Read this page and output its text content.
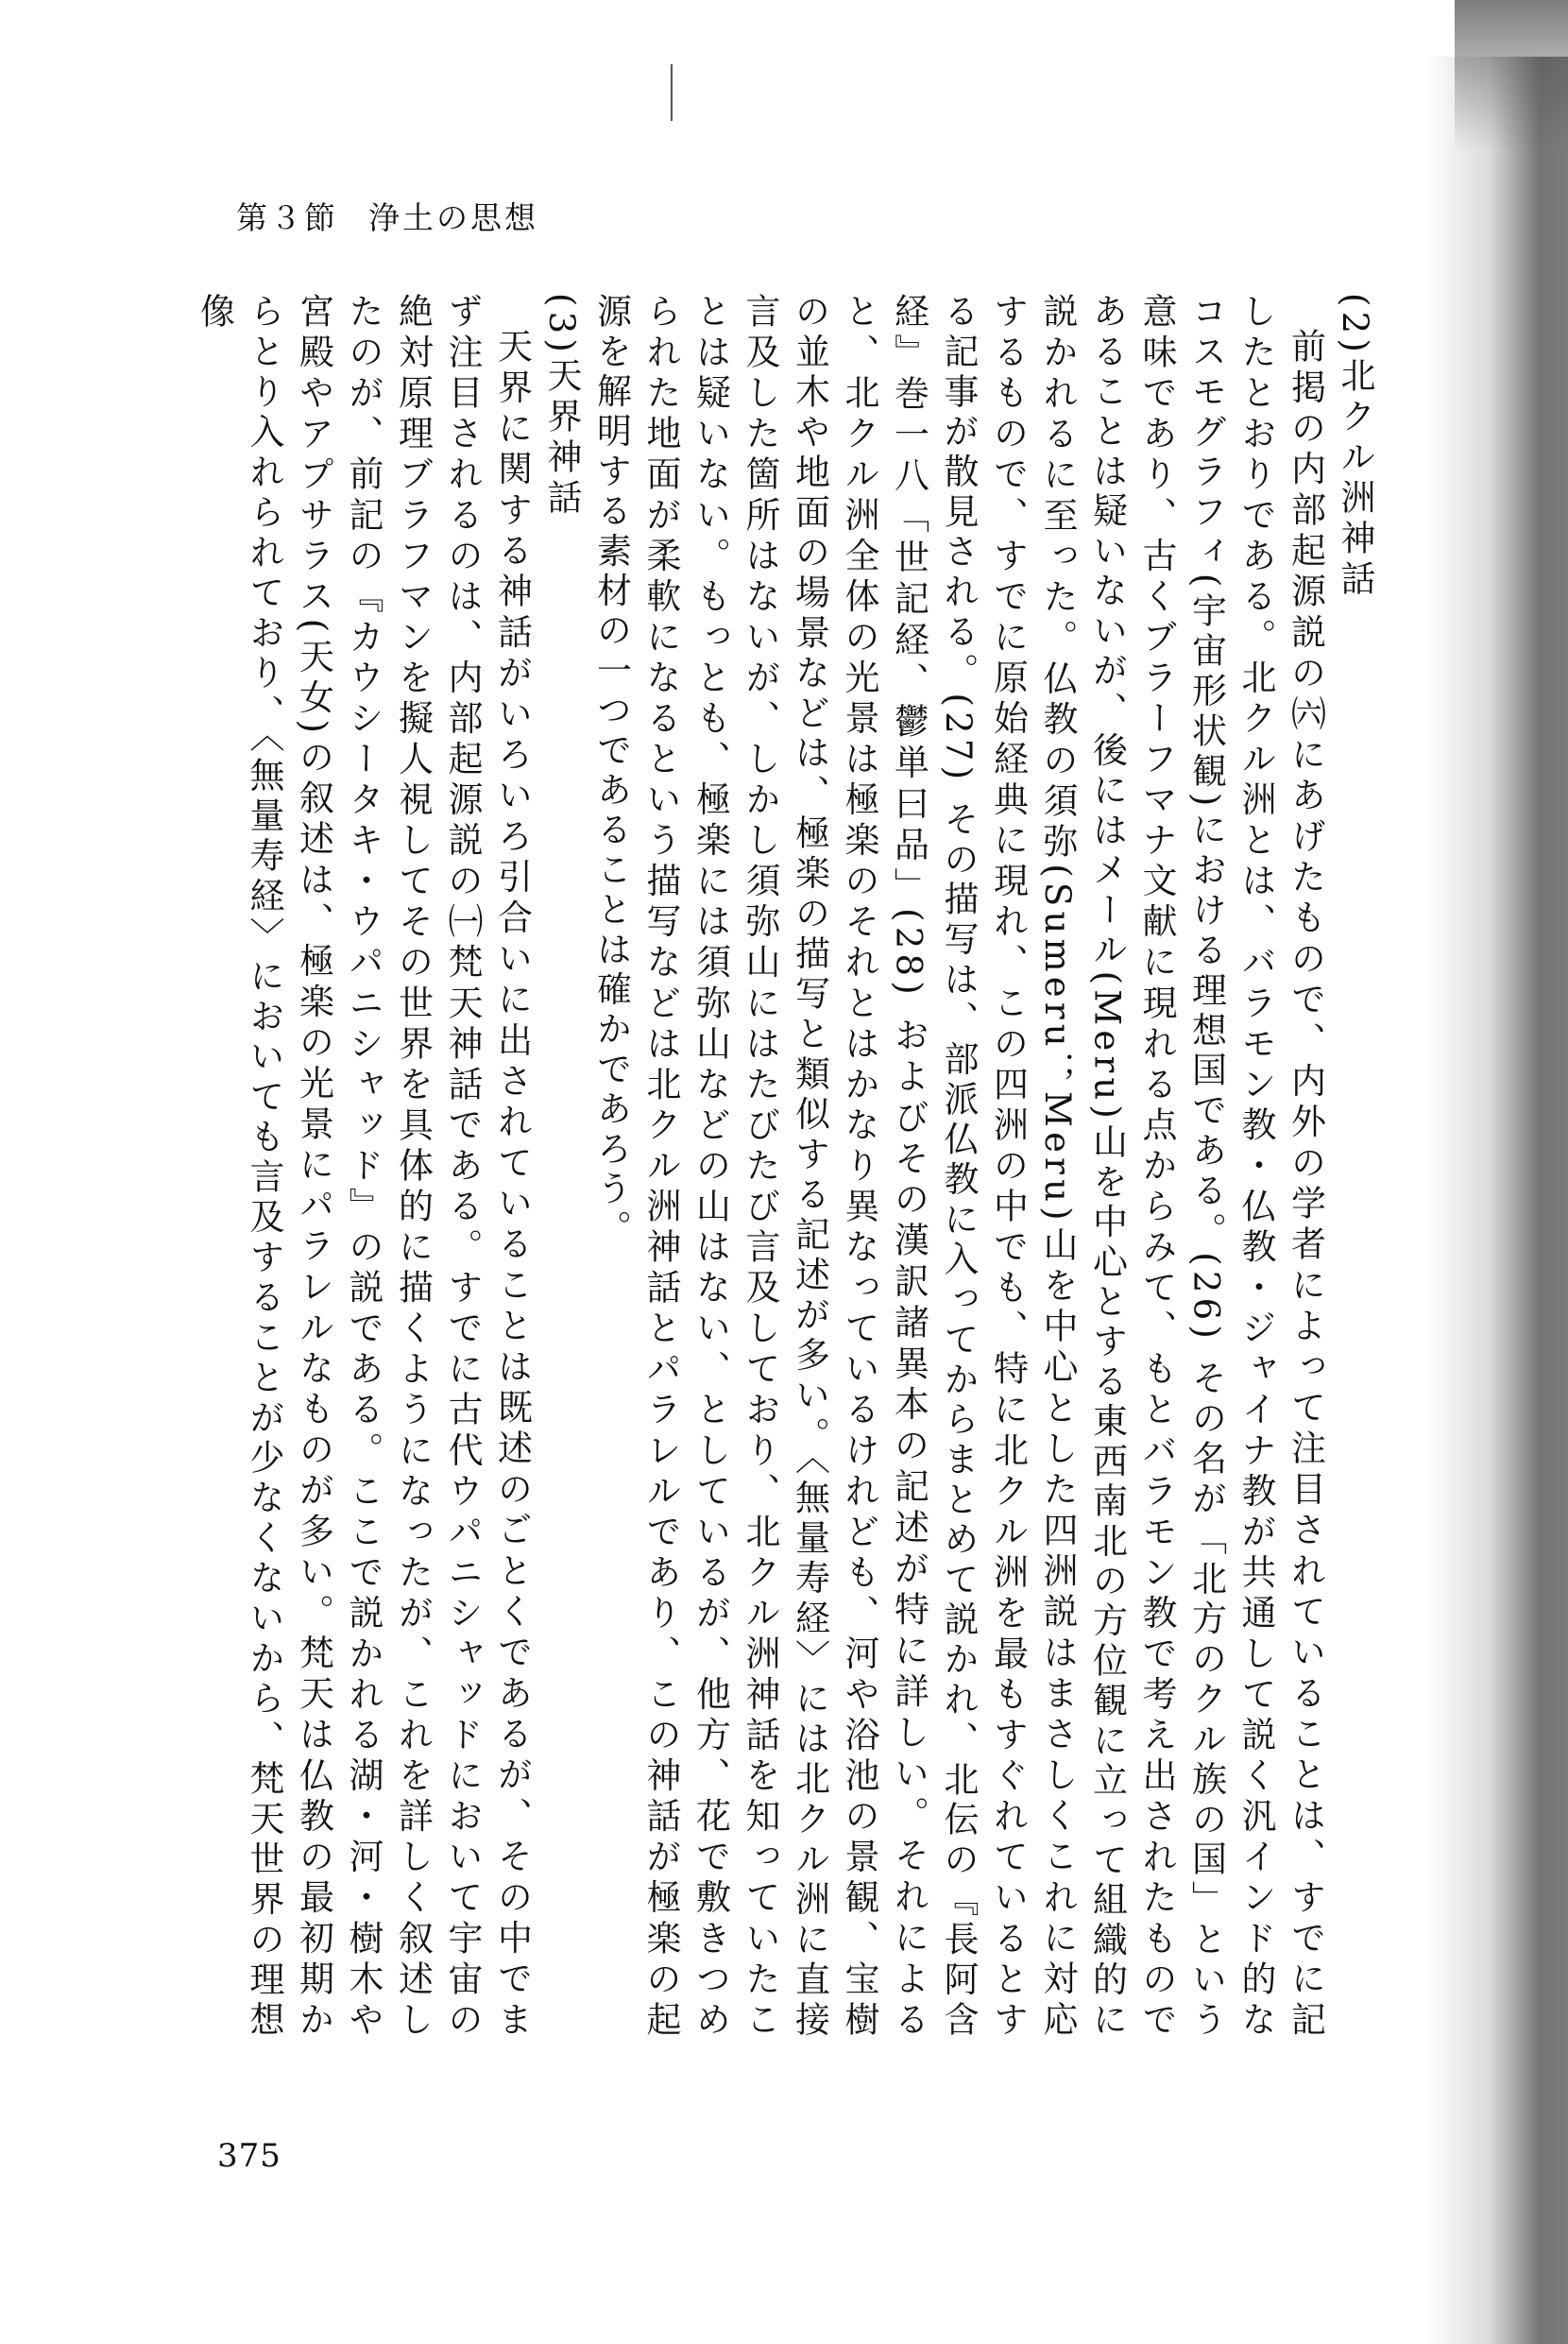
第３節 浄土の思想

(2)北クル洲神話

前掲の内部起源説の㈥にあげたもので、内外の学者によって注目されていることは、すでに記したとおりである。北クル洲とは、バラモン教・仏教・ジャイナ教が共通して説く汎インド的なコスモグラフィ(宇宙形状観)における理想国である。(26) その名が「北方のクル族の国」という意味であり、古くブラーフマナ文献に現れる点からみて、もとバラモン教で考え出されたものであることは疑いないが、後にはメール(Meru)山を中心とする東西南北の方位観に立って組織的に説かれるに至った。仏教の須弥(Sumeru；Meru)山を中心とした四洲説はまさしくこれに対応するもので、すでに原始経典に現れ、この四洲の中でも、特に北クル洲を最もすぐれているとする記事が散見される。(27) その描写は、部派仏教に入ってからまとめて説かれ、北伝の『長阿含経』巻一八「世記経、鬱単曰品」(28) およびその漢訳諸異本の記述が特に詳しい。それによると、北クル洲全体の光景は極楽のそれとはかなり異なっているけれども、河や浴池の景観、宝樹の並木や地面の場景などは、極楽の描写と類似する記述が多い。〈無量寿経〉には北クル洲に直接言及した箇所はないが、しかし須弥山にはたびたび言及しており、北クル洲神話を知っていたことは疑いない。もっとも、極楽には須弥山などの山はない、としているが、他方、花で敷きつめられた地面が柔軟になるという描写などは北クル洲神話とパラレルであり、この神話が極楽の起源を解明する素材の一つであることは確かであろう。

(3)天界神話

天界に関する神話がいろいろ引合いに出されていることは既述のごとくであるが、その中でまず注目されるのは、内部起源説の㈠梵天神話である。すでに古代ウパニシャッドにおいて宇宙の絶対原理ブラフマンを擬人視してその世界を具体的に描くようになったが、これを詳しく叙述したのが、前記の『カウシータキ・ウパニシャッド』の説である。ここで説かれる湖・河・樹木や宮殿やアプサラス(天女)の叙述は、極楽の光景にパラレルなものが多い。梵天は仏教の最初期からとり入れられており、〈無量寿経〉においても言及することが少なくないから、梵天世界の理想像

375
